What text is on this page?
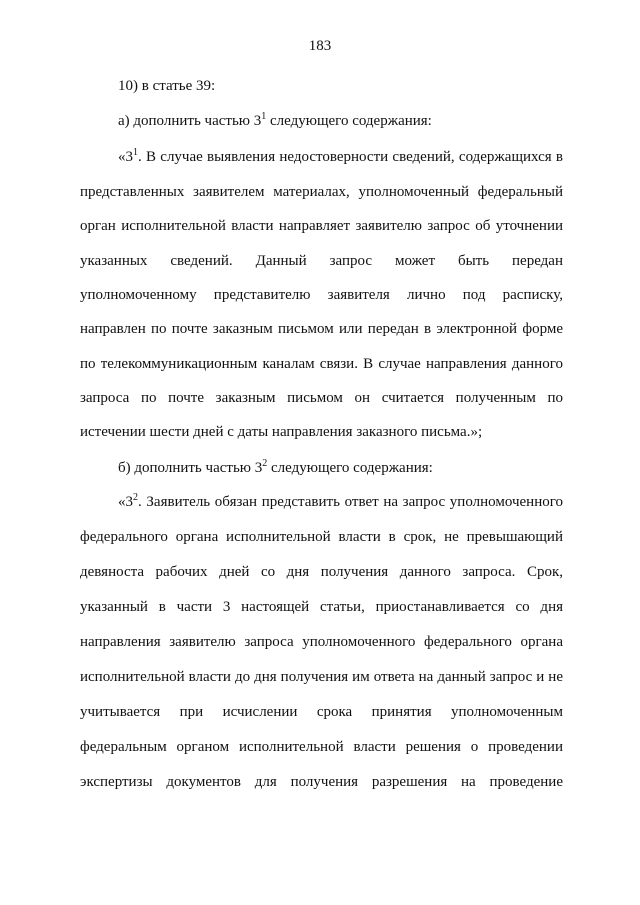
183
10) в статье 39:
а) дополнить частью $3^1$ следующего содержания:
«$3^1$. В случае выявления недостоверности сведений, содержащихся в
представленных заявителем материалах, уполномоченный федеральный
орган исполнительной власти направляет заявителю запрос об уточнении
указанных сведений. Данный запрос может быть передан
уполномоченному представителю заявителя лично под расписку,
направлен по почте заказным письмом или передан в электронной форме
по телекоммуникационным каналам связи. В случае направления данного
запроса по почте заказным письмом он считается полученным по
истечении шести дней с даты направления заказного письма.»;
б) дополнить частью $3^2$ следующего содержания:
«$3^2$. Заявитель обязан представить ответ на запрос уполномоченного
федерального органа исполнительной власти в срок, не превышающий
девяноста рабочих дней со дня получения данного запроса. Срок,
указанный в части 3 настоящей статьи, приостанавливается со дня
направления заявителю запроса уполномоченного федерального органа
исполнительной власти до дня получения им ответа на данный запрос и не
учитывается при исчислении срока принятия уполномоченным
федеральным органом исполнительной власти решения о проведении
экспертизы документов для получения разрешения на проведение
